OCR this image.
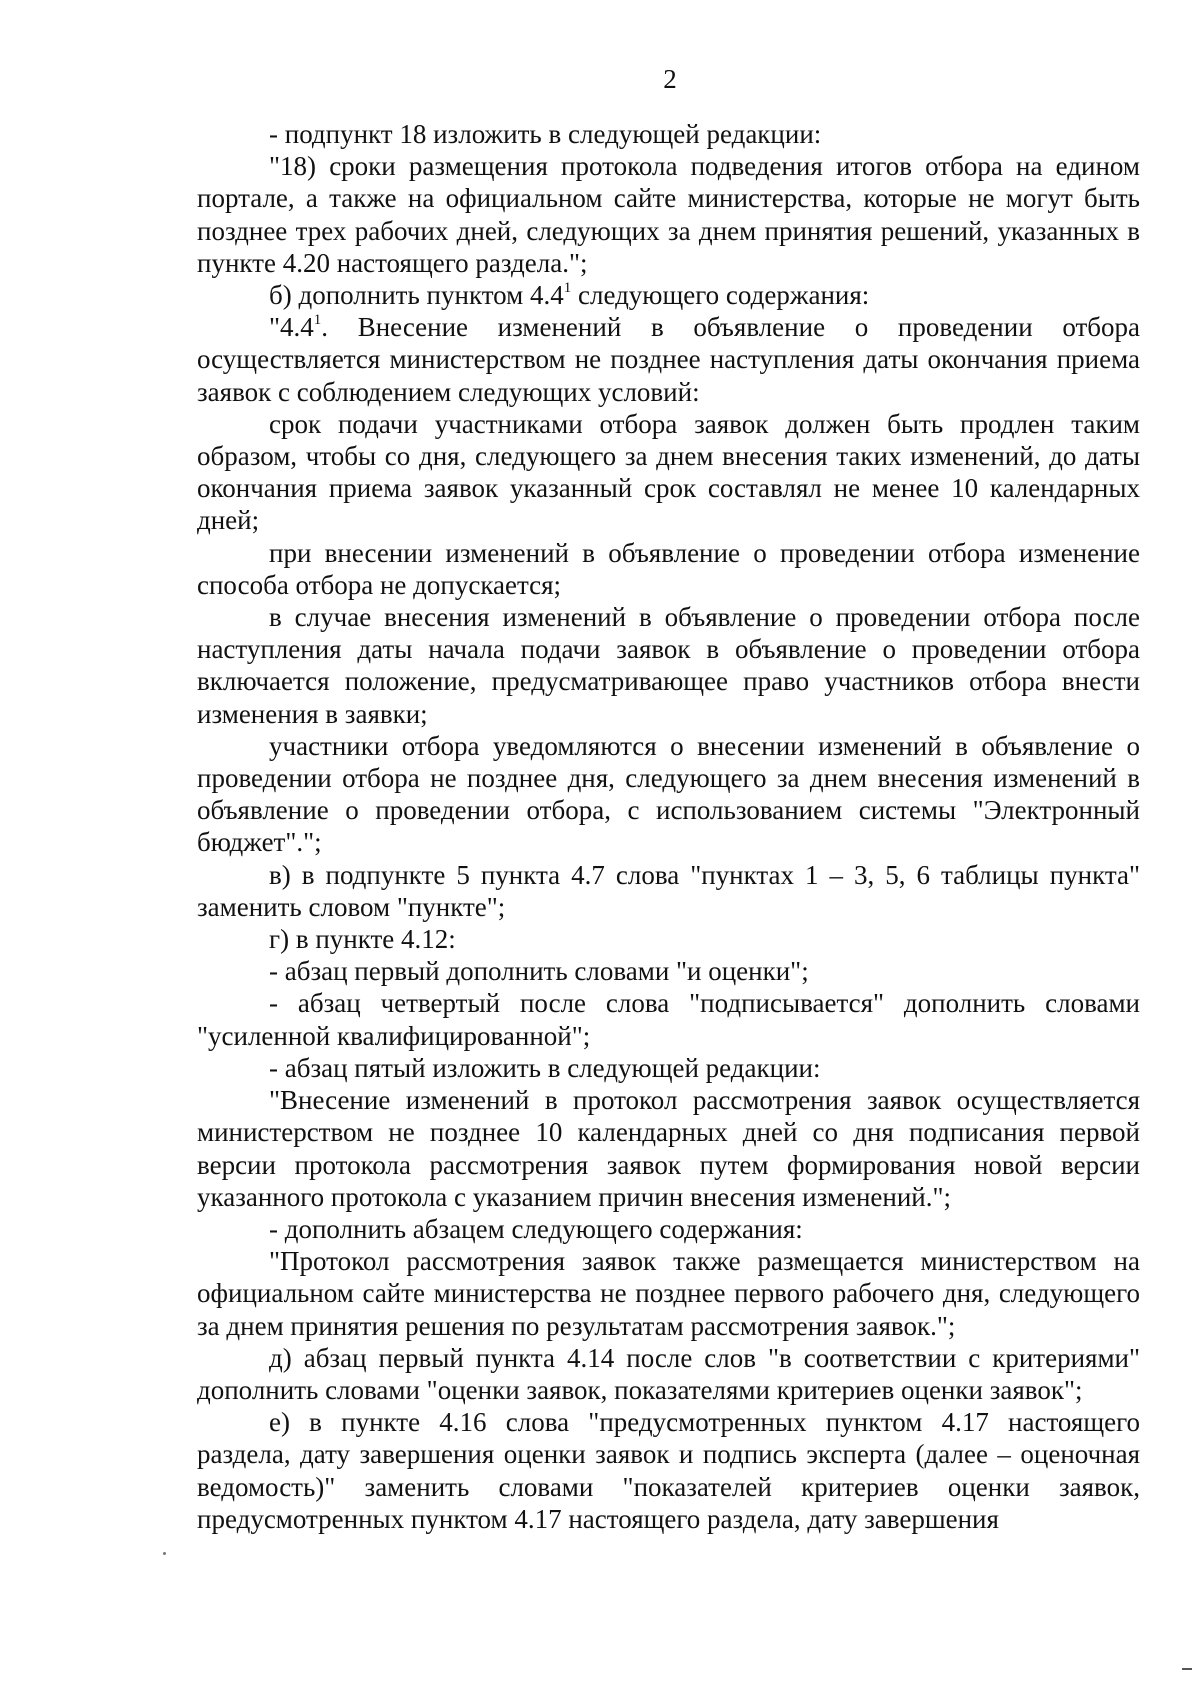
2

- подпункт 18 изложить в следующей редакции:

"18) сроки размещения протокола подведения итогов отбора на едином портале, а также на официальном сайте министерства, которые не могут быть позднее трех рабочих дней, следующих за днем принятия решений, указанных в пункте 4.20 настоящего раздела.";

б) дополнить пунктом $4.4^1$ следующего содержания:

"$4.4^1$. Внесение изменений в объявление о проведении отбора осуществляется министерством не позднее наступления даты окончания приема заявок с соблюдением следующих условий:

срок подачи участниками отбора заявок должен быть продлен таким образом, чтобы со дня, следующего за днем внесения таких изменений, до даты окончания приема заявок указанный срок составлял не менее 10 календарных дней;

при внесении изменений в объявление о проведении отбора изменение способа отбора не допускается;

в случае внесения изменений в объявление о проведении отбора после наступления даты начала подачи заявок в объявление о проведении отбора включается положение, предусматривающее право участников отбора внести изменения в заявки;

участники отбора уведомляются о внесении изменений в объявление о проведении отбора не позднее дня, следующего за днем внесения изменений в объявление о проведении отбора, с использованием системы "Электронный бюджет".";

в) в подпункте 5 пункта 4.7 слова "пунктах 1 – 3, 5, 6 таблицы пункта" заменить словом "пункте";

г) в пункте 4.12:

- абзац первый дополнить словами "и оценки";

- абзац четвертый после слова "подписывается" дополнить словами "усиленной квалифицированной";

- абзац пятый изложить в следующей редакции:

"Внесение изменений в протокол рассмотрения заявок осуществляется министерством не позднее 10 календарных дней со дня подписания первой версии протокола рассмотрения заявок путем формирования новой версии указанного протокола с указанием причин внесения изменений.";

- дополнить абзацем следующего содержания:

"Протокол рассмотрения заявок также размещается министерством на официальном сайте министерства не позднее первого рабочего дня, следующего за днем принятия решения по результатам рассмотрения заявок.";

д) абзац первый пункта 4.14 после слов "в соответствии с критериями" дополнить словами "оценки заявок, показателями критериев оценки заявок";

е) в пункте 4.16 слова "предусмотренных пунктом 4.17 настоящего раздела, дату завершения оценки заявок и подпись эксперта (далее – оценочная ведомость)" заменить словами "показателей критериев оценки заявок, предусмотренных пунктом 4.17 настоящего раздела, дату завершения
